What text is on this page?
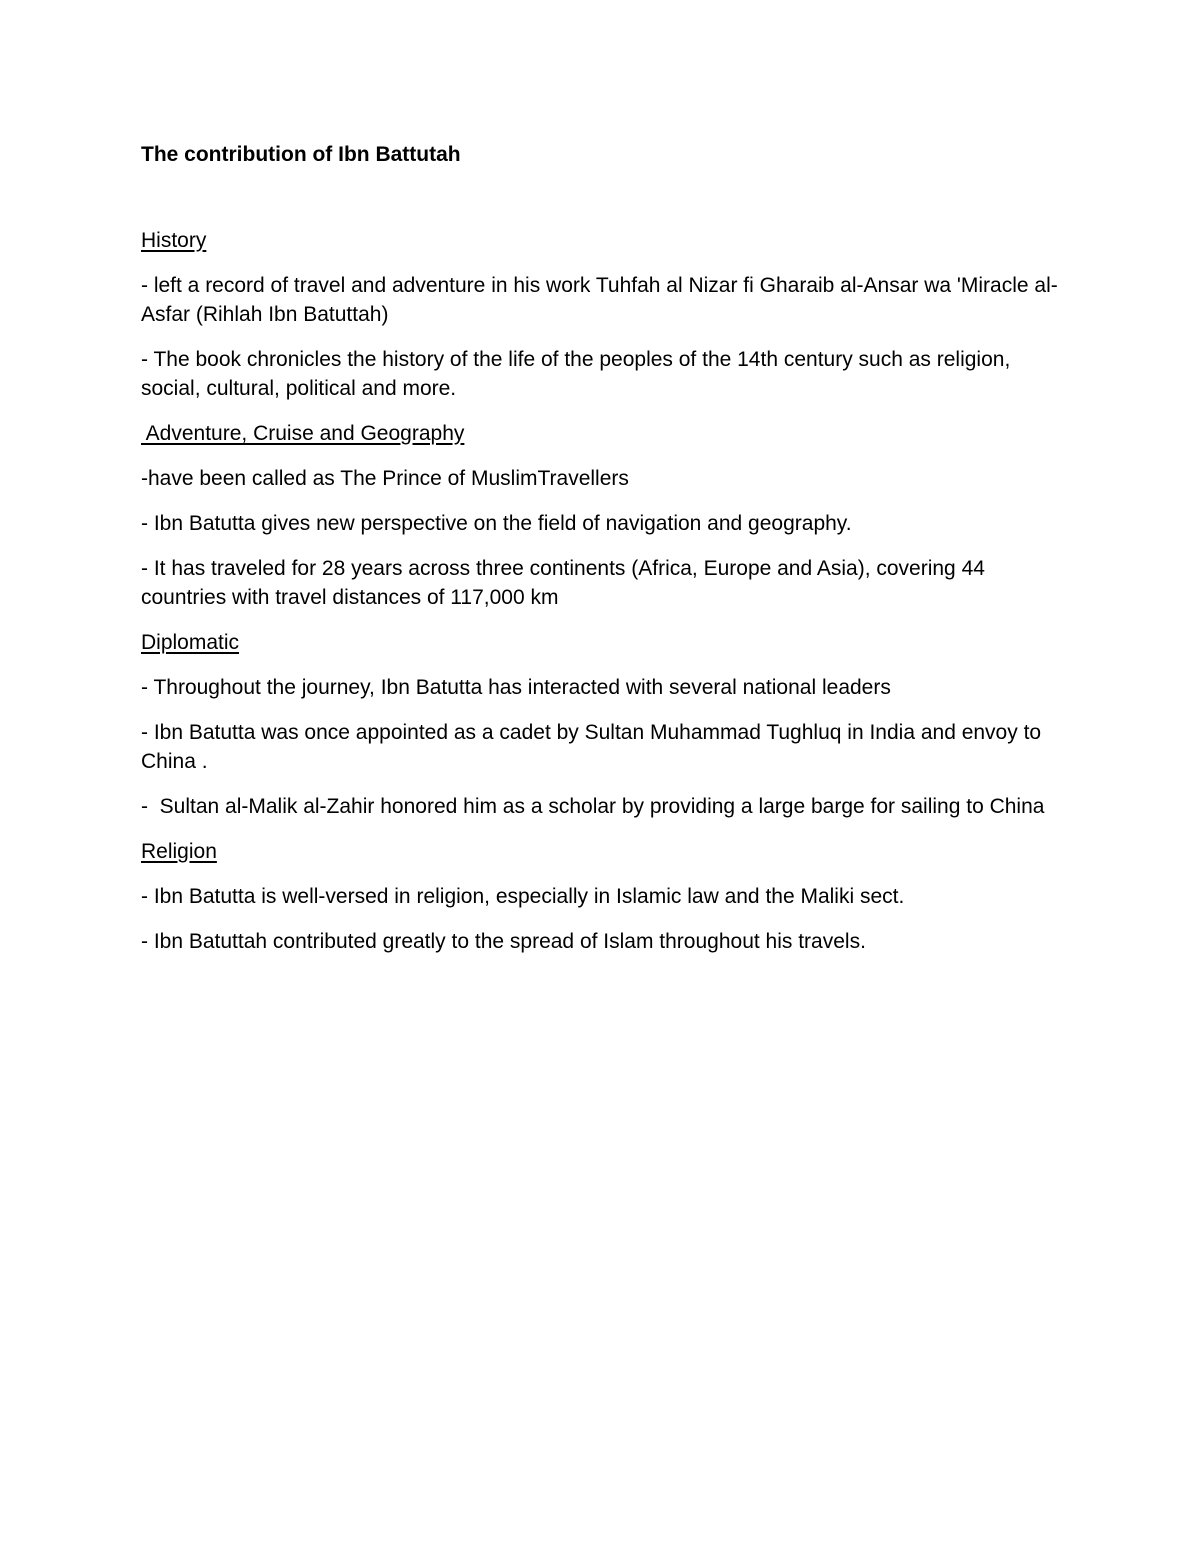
The contribution of Ibn Battutah
History

- left a record of travel and adventure in his work Tuhfah al Nizar fi Gharaib al-Ansar wa 'Miracle al-Asfar (Rihlah Ibn Batuttah)

- The book chronicles the history of the life of the peoples of the 14th century such as religion, social, cultural, political and more.

Adventure, Cruise and Geography

-have been called as The Prince of MuslimTravellers

- Ibn Batutta gives new perspective on the field of navigation and geography.

- It has traveled for 28 years across three continents (Africa, Europe and Asia), covering 44 countries with travel distances of 117,000 km

Diplomatic

- Throughout the journey, Ibn Batutta has interacted with several national leaders

- Ibn Batutta was once appointed as a cadet by Sultan Muhammad Tughluq in India and envoy to China .

-  Sultan al-Malik al-Zahir honored him as a scholar by providing a large barge for sailing to China

Religion

- Ibn Batutta is well-versed in religion, especially in Islamic law and the Maliki sect.

- Ibn Batuttah contributed greatly to the spread of Islam throughout his travels.
